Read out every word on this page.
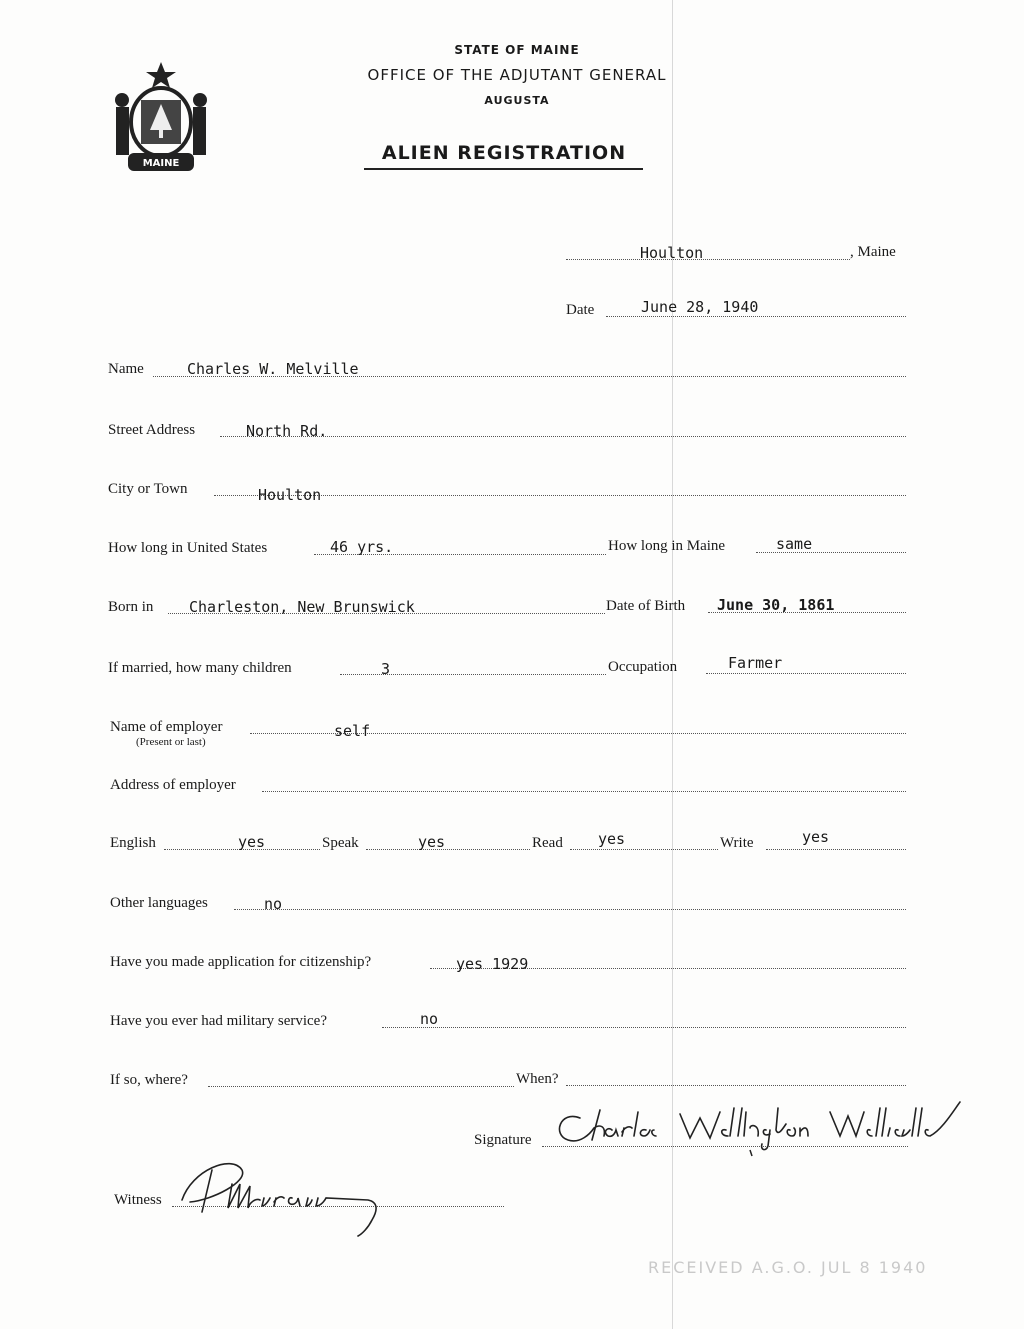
MAINE
STATE OF MAINE
OFFICE OF THE ADJUTANT GENERAL
AUGUSTA
ALIEN REGISTRATION
Houlton	, Maine
Date	June 28, 1940
Name	Charles W. Melville
Street Address	North Rd.
City or Town	Houlton
How long in United States	46 yrs.	How long in Maine	same
Born in Charleston, New Brunswick	Date of Birth June 30, 1861
If married, how many children	3	Occupation	Farmer
Name of employer
(Present or last)
self
Address of employer
English	yes	Speak	yes	Read yes	Write	yes
Other languages	no
Have you made application for citizenship?	yes 1929
Have you ever had military service?	no
If so, where?	When?
Signature
Witness
RECEIVED A.G.O. JUL 8 1940
